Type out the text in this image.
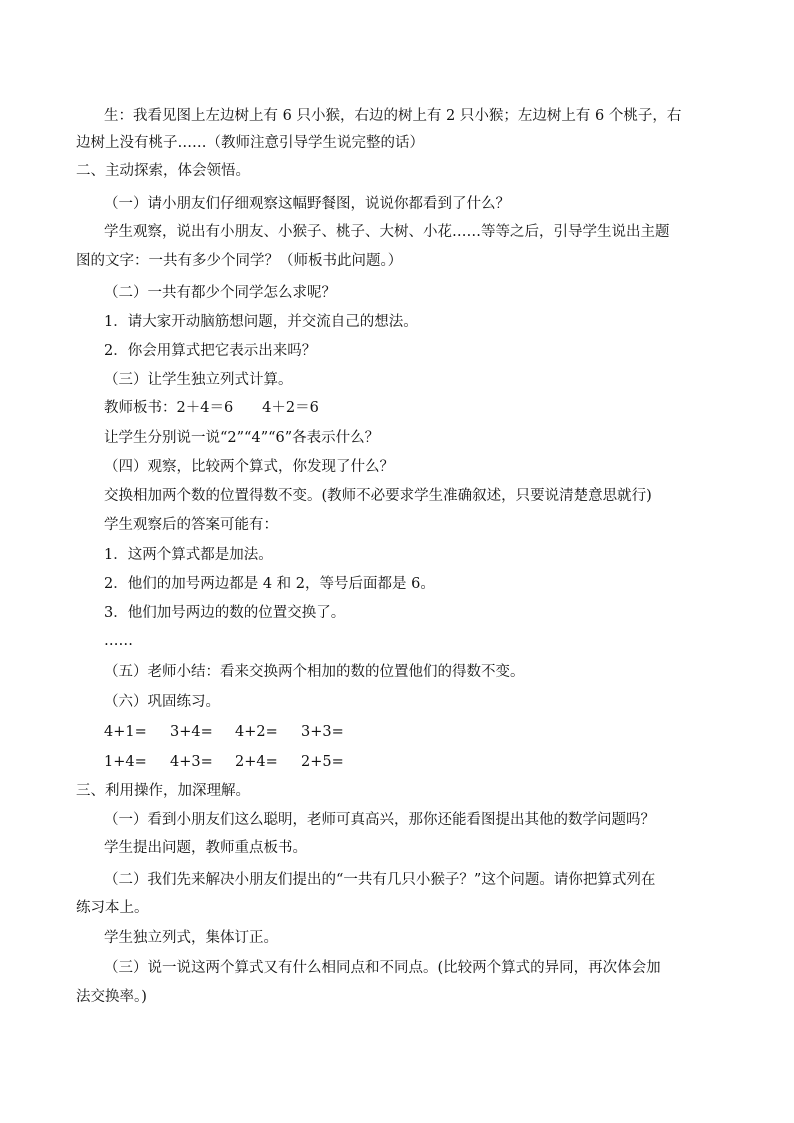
生：我看见图上左边树上有 6 只小猴，右边的树上有 2 只小猴；左边树上有 6 个桃子，右
边树上没有桃子……（教师注意引导学生说完整的话）
二、主动探索，体会领悟。
（一）请小朋友们仔细观察这幅野餐图，说说你都看到了什么？
学生观察，说出有小朋友、小猴子、桃子、大树、小花……等等之后，引导学生说出主题
图的文字：一共有多少个同学？（师板书此问题。）
（二）一共有都少个同学怎么求呢？
1．请大家开动脑筋想问题，并交流自己的想法。
2．你会用算式把它表示出来吗？
（三）让学生独立列式计算。
教师板书：2＋4＝6　　4＋2＝6
让学生分别说一说“2”“4”“6”各表示什么？
（四）观察，比较两个算式，你发现了什么？
交换相加两个数的位置得数不变。(教师不必要求学生准确叙述，只要说清楚意思就行)
学生观察后的答案可能有：
1．这两个算式都是加法。
2．他们的加号两边都是 4 和 2，等号后面都是 6。
3．他们加号两边的数的位置交换了。
……
（五）老师小结：看来交换两个相加的数的位置他们的得数不变。
（六）巩固练习。
4+1= 3+4= 4+2= 3+3=
1+4= 4+3= 2+4= 2+5=
三、利用操作，加深理解。
（一）看到小朋友们这么聪明，老师可真高兴，那你还能看图提出其他的数学问题吗？
学生提出问题，教师重点板书。
（二）我们先来解决小朋友们提出的“一共有几只小猴子？”这个问题。请你把算式列在
练习本上。
学生独立列式，集体订正。
（三）说一说这两个算式又有什么相同点和不同点。(比较两个算式的异同，再次体会加
法交换率。)
